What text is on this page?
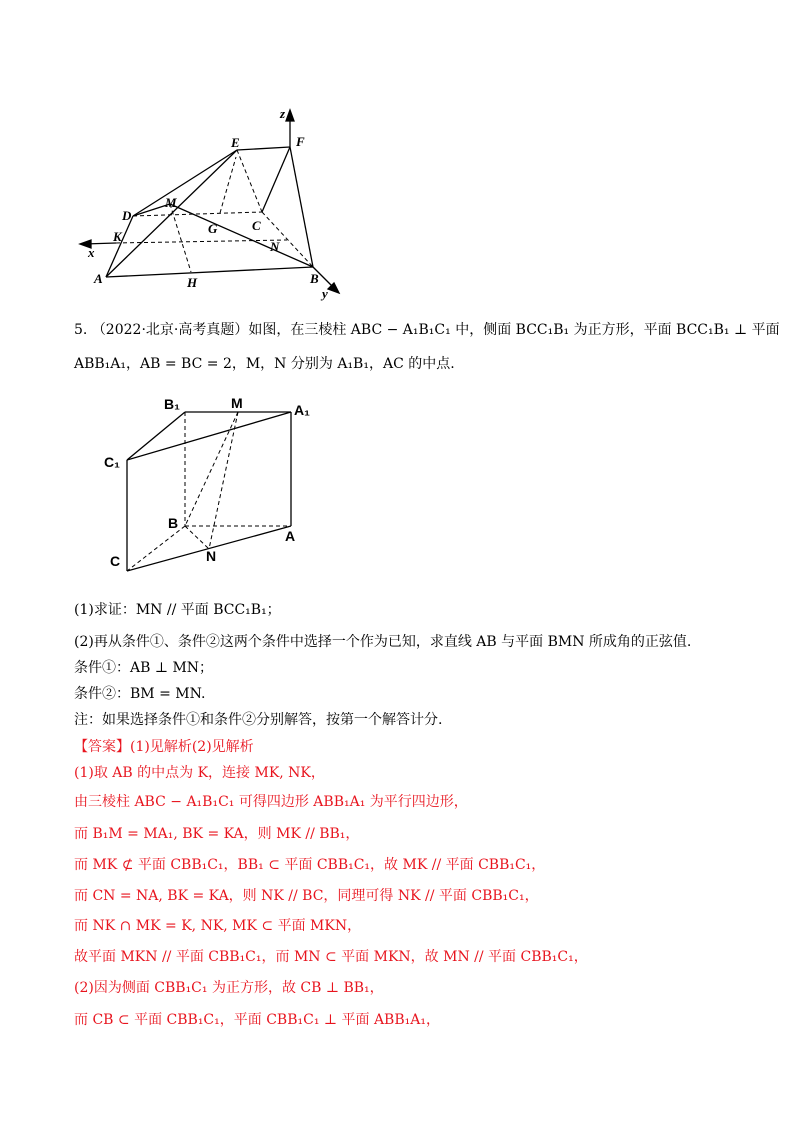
z
E	F
D
M
G	C
K
x	N
A	H	B
y
5. （2022·北京·高考真题）如图，在三棱柱 ABC − A₁B₁C₁ 中，侧面 BCC₁B₁ 为正方形，平面 BCC₁B₁ ⊥ 平面
ABB₁A₁，AB = BC = 2，M，N 分别为 A₁B₁，AC 的中点.
B₁	M	A₁
C₁
B
A
C	N
(1)求证：MN // 平面 BCC₁B₁；
(2)再从条件①、条件②这两个条件中选择一个作为已知，求直线 AB 与平面 BMN 所成角的正弦值.
条件①：AB ⊥ MN；
条件②：BM = MN.
注：如果选择条件①和条件②分别解答，按第一个解答计分.
【答案】(1)见解析(2)见解析
(1)取 AB 的中点为 K，连接 MK, NK，
由三棱柱 ABC − A₁B₁C₁ 可得四边形 ABB₁A₁ 为平行四边形，
而 B₁M = MA₁, BK = KA，则 MK // BB₁，
而 MK ⊄ 平面 CBB₁C₁，BB₁ ⊂ 平面 CBB₁C₁，故 MK // 平面 CBB₁C₁，
而 CN = NA, BK = KA，则 NK // BC，同理可得 NK // 平面 CBB₁C₁，
而 NK ∩ MK = K, NK, MK ⊂ 平面 MKN，
故平面 MKN // 平面 CBB₁C₁，而 MN ⊂ 平面 MKN，故 MN // 平面 CBB₁C₁，
(2)因为侧面 CBB₁C₁ 为正方形，故 CB ⊥ BB₁，
而 CB ⊂ 平面 CBB₁C₁，平面 CBB₁C₁ ⊥ 平面 ABB₁A₁，
